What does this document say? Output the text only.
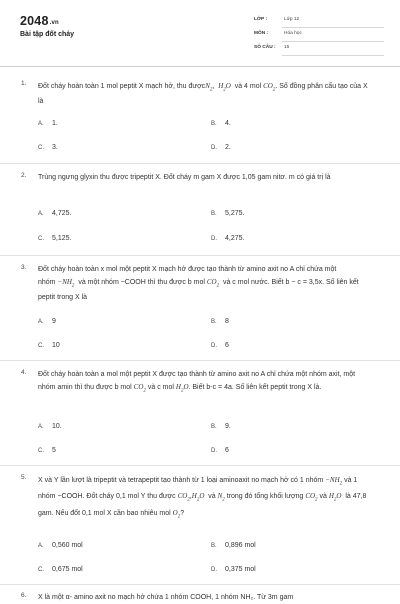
2048.vn
Bài tập đốt cháy
LỚP :	Lớp 12
MÔN :	Hóa học
SỐ CÂU : 15
1. Đốt cháy hoàn toàn 1 mol peptit X mạch hở, thu đượcN$_2$, $H_2O$ và 4 mol $CO_2$. Số đồng phân cấu tạo của X là
A. 1.	B. 4.
C. 3.	D. 2.
2. Trùng ngưng glyxin thu được tripeptit X. Đốt cháy m gam X được 1,05 gam nitơ. m có giá trị là
A. 4,725.	B. 5,275.
C. 5,125.	D. 4,275.
3. Đốt cháy hoàn toàn x mol một peptit X mạch hở được tạo thành từ amino axit no A chỉ chứa một nhóm $-NH_2$ và một nhóm −COOH thì thu được b mol $CO_2$ và c mol nước. Biết b − c = 3,5x. Số liên kết peptit trong X là
A. 9	B. 8
C. 10	D. 6
4. Đốt cháy hoàn toàn a mol một peptit X được tạo thành từ amino axit no A chỉ chứa một nhóm axit, một nhóm amin thì thu được b mol $CO_2$ và c mol $H_2O$. Biết b-c = 4a. Số liên kết peptit trong X là.
A. 10.	B. 9.
C. 5	D. 6
5. X và Y lần lượt là tripeptit và tetrapeptit tạo thành từ 1 loại aminoaxit no mạch hở có 1 nhóm $-NH_2$ và 1 nhóm −COOH. Đốt cháy 0,1 mol Y thu được $CO_2,H_2O$ và $N_2$ trong đó tổng khối lượng $CO_2$ và $H_2O$ là 47,8 gam. Nếu đốt 0,1 mol X cần bao nhiêu mol $O_2$?
A. 0,560 mol	B. 0,896 mol
C. 0,675 mol	D. 0,375 mol
6. X là một α- amino axit no mạch hở chứa 1 nhóm COOH, 1 nhóm NH₂. Từ 3m gam
